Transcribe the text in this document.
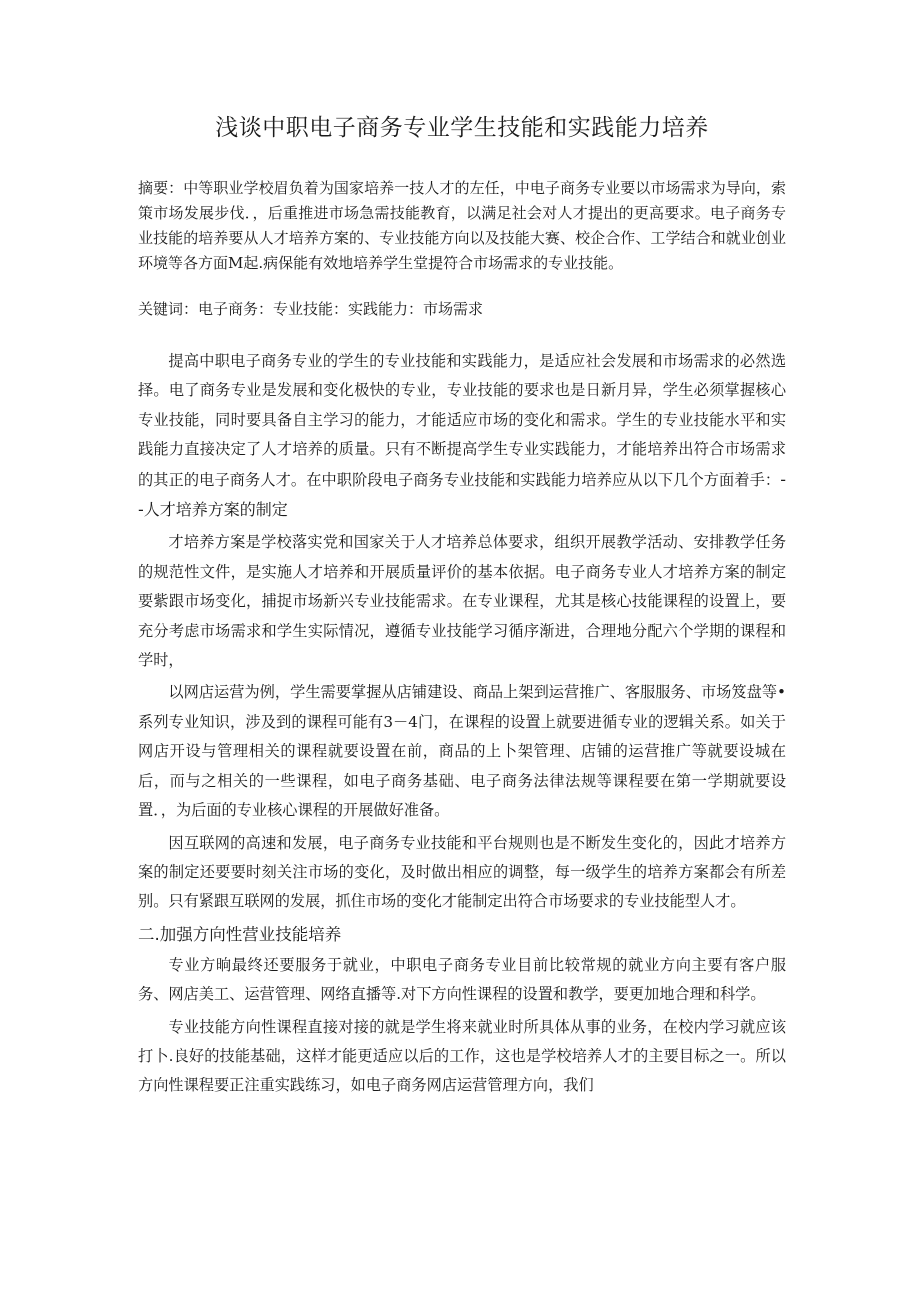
浅谈中职电子商务专业学生技能和实践能力培养

摘要：中等职业学校眉负着为国家培养一技人才的左任，中电子商务专业要以市场需求为导向，索策市场发展步伐．，后重推进市场急需技能教育，以满足社会对人才提出的更高要求。电子商务专业技能的培养要从人才培养方案的、专业技能方向以及技能大赛、校企合作、工学结合和就业创业环境等各方面M起.病保能有效地培养学生堂提符合市场需求的专业技能。

关键词：电子商务：专业技能：实践能力：市场需求

提高中职电子商务专业的学生的专业技能和实践能力，是适应社会发展和市场需求的必然选择。电了商务专业是发展和变化极快的专业，专业技能的要求也是日新月异，学生必须掌握核心专业技能，同时要具备自主学习的能力，才能适应市场的变化和需求。学生的专业技能水平和实践能力直接决定了人才培养的质量。只有不断提高学生专业实践能力，才能培养出符合市场需求的其正的电子商务人才。在中职阶段电子商务专业技能和实践能力培养应从以下几个方面着手：--人才培养方案的制定

才培养方案是学校落实党和国家关于人才培养总体要求，组织开展教学活动、安排教学任务的规范性文件，是实施人才培养和开展质量评价的基本依据。电子商务专业人才培养方案的制定要紫跟市场变化，捕捉市场新兴专业技能需求。在专业课程，尤其是核心技能课程的设置上，要充分考虑市场需求和学生实际情况，遵循专业技能学习循序渐进，合理地分配六个学期的课程和学时，

以网店运营为例，学生需要掌握从店铺建设、商品上架到运营推广、客服服务、市场笈盘等•系列专业知识，涉及到的课程可能有3－4门，在课程的设置上就要进循专业的逻辑关系。如关于网店开设与管理相关的课程就要设置在前，商品的上卜架管理、店铺的运营推广等就要设城在后，而与之相关的一些课程，如电子商务基础、电子商务法律法规等课程要在第一学期就要设置．，为后面的专业核心课程的开展做好准备。

因互联网的高速和发展，电子商务专业技能和平台规则也是不断发生变化的，因此才培养方案的制定还要要时刻关注市场的变化，及时做出相应的调整，每一级学生的培养方案都会有所差别。只有紧跟互联网的发展，抓住市场的变化才能制定出符合市场要求的专业技能型人才。

二.加强方向性营业技能培养

专业方晌最终还要服务于就业，中职电子商务专业目前比较常规的就业方向主要有客户服务、网店美工、运营管理、网络直播等.对下方向性课程的设置和教学，要更加地合理和科学。

专业技能方向性课程直接对接的就是学生将来就业时所具体从事的业务，在校内学习就应该打卜.良好的技能基础，这样才能更适应以后的工作，这也是学校培养人才的主要目标之一。所以方向性课程要正注重实践练习，如电子商务网店运营管理方向，我们
